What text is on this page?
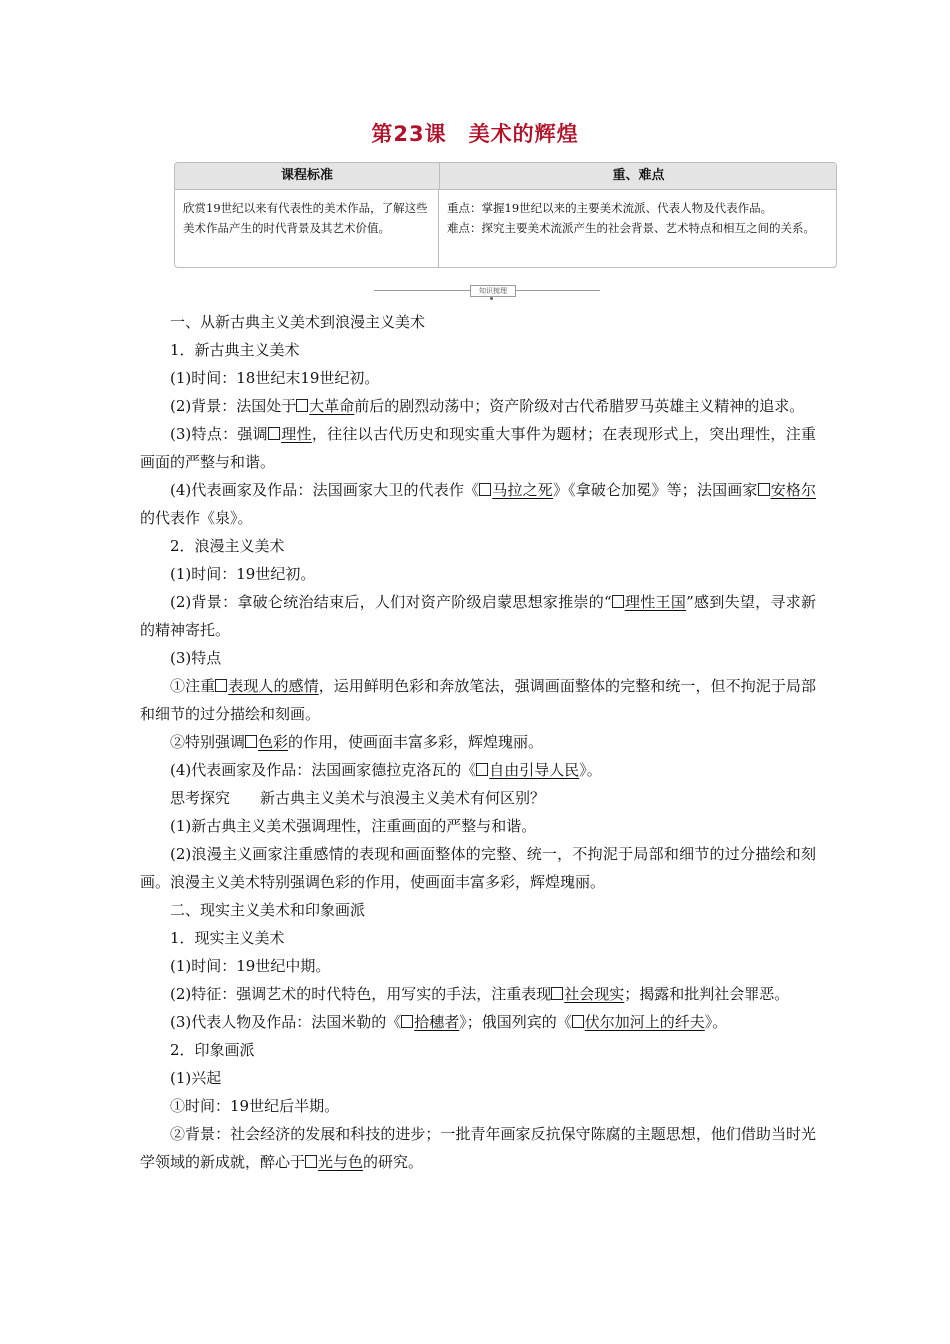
第23课　美术的辉煌
课程标准	重、难点
欣赏19世纪以来有代表性的美术作品，了解这些美术作品产生的时代背景及其艺术价值。
重点：掌握19世纪以来的主要美术流派、代表人物及代表作品。
难点：探究主要美术流派产生的社会背景、艺术特点和相互之间的关系。
知识梳理

一、从新古典主义美术到浪漫主义美术

1．新古典主义美术

(1)时间：18世纪末19世纪初。

(2)背景：法国处于 大革命前后的剧烈动荡中；资产阶级对古代希腊罗马英雄主义精神的追求。

(3)特点：强调 理性，往往以古代历史和现实重大事件为题材；在表现形式上，突出理性，注重画面的严整与和谐。

(4)代表画家及作品：法国画家大卫的代表作《 马拉之死》《拿破仑加冕》等；法国画家 安格尔的代表作《泉》。

2．浪漫主义美术

(1)时间：19世纪初。

(2)背景：拿破仑统治结束后，人们对资产阶级启蒙思想家推崇的“ 理性王国”感到失望，寻求新的精神寄托。

(3)特点

①注重 表现人的感情，运用鲜明色彩和奔放笔法，强调画面整体的完整和统一，但不拘泥于局部和细节的过分描绘和刻画。

②特别强调 色彩的作用，使画面丰富多彩，辉煌瑰丽。

(4)代表画家及作品：法国画家德拉克洛瓦的《 自由引导人民》。

思考探究　　新古典主义美术与浪漫主义美术有何区别？

(1)新古典主义美术强调理性，注重画面的严整与和谐。

(2)浪漫主义画家注重感情的表现和画面整体的完整、统一，不拘泥于局部和细节的过分描绘和刻画。浪漫主义美术特别强调色彩的作用，使画面丰富多彩，辉煌瑰丽。

二、现实主义美术和印象画派

1．现实主义美术

(1)时间：19世纪中期。

(2)特征：强调艺术的时代特色，用写实的手法，注重表现 社会现实；揭露和批判社会罪恶。

(3)代表人物及作品：法国米勒的《 拾穗者》；俄国列宾的《 伏尔加河上的纤夫》。

2．印象画派

(1)兴起

①时间：19世纪后半期。

②背景：社会经济的发展和科技的进步；一批青年画家反抗保守陈腐的主题思想，他们借助当时光学领域的新成就，醉心于 光与色的研究。
